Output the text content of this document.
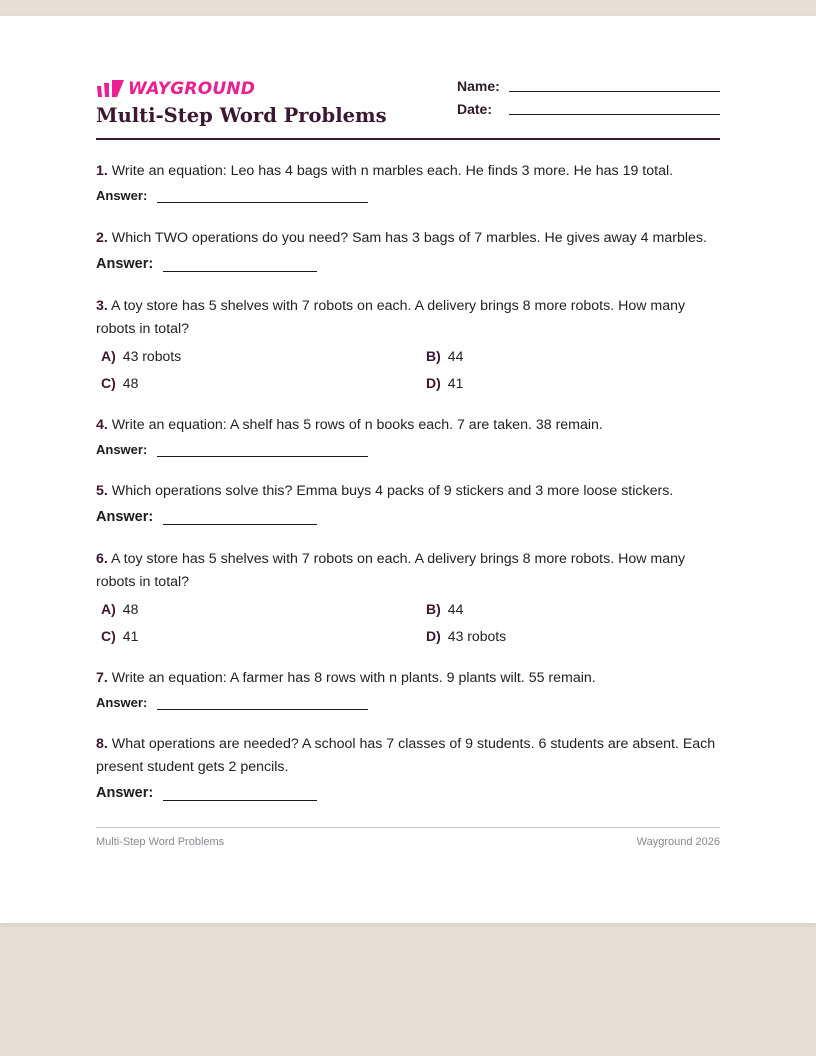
WAYGROUND
Multi-Step Word Problems
Name:
Date:
1. Write an equation: Leo has 4 bags with n marbles each. He finds 3 more. He has 19 total.
Answer:
2. Which TWO operations do you need? Sam has 3 bags of 7 marbles. He gives away 4 marbles.
Answer:
3. A toy store has 5 shelves with 7 robots on each. A delivery brings 8 more robots. How many robots in total?
A) 43 robots	B) 44
C) 48	D) 41
4. Write an equation: A shelf has 5 rows of n books each. 7 are taken. 38 remain.
Answer:
5. Which operations solve this? Emma buys 4 packs of 9 stickers and 3 more loose stickers.
Answer:
6. A toy store has 5 shelves with 7 robots on each. A delivery brings 8 more robots. How many robots in total?
A) 48	B) 44
C) 41	D) 43 robots
7. Write an equation: A farmer has 8 rows with n plants. 9 plants wilt. 55 remain.
Answer:
8. What operations are needed? A school has 7 classes of 9 students. 6 students are absent. Each present student gets 2 pencils.
Answer:
Multi-Step Word Problems	Wayground 2026
